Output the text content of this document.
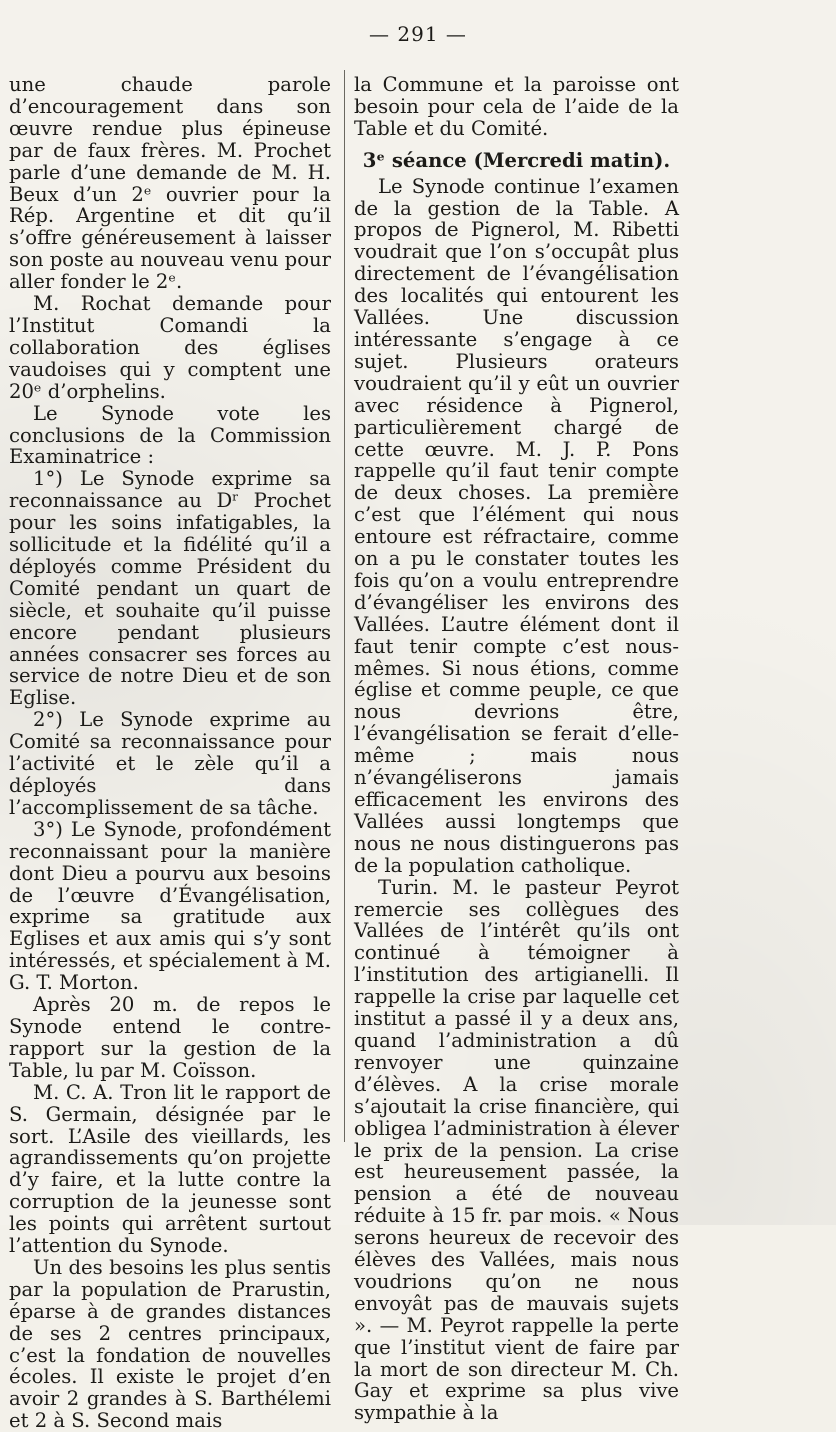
— 291 —

une chaude parole d’encouragement dans son œuvre rendue plus épineuse par de faux frères. M. Prochet parle d’une demande de M. H. Beux d’un 2ᵉ ouvrier pour la Rép. Argentine et dit qu’il s’offre généreusement à laisser son poste au nouveau venu pour aller fonder le 2ᵉ.

M. Rochat demande pour l’Institut Comandi la collaboration des églises vaudoises qui y comptent une 20ᵉ d’orphelins.

Le Synode vote les conclusions de la Commission Examinatrice :

1°) Le Synode exprime sa reconnaissance au Dʳ Prochet pour les soins infatigables, la sollicitude et la fidélité qu’il a déployés comme Président du Comité pendant un quart de siècle, et souhaite qu’il puisse encore pendant plusieurs années consacrer ses forces au service de notre Dieu et de son Eglise.

2°) Le Synode exprime au Comité sa reconnaissance pour l’activité et le zèle qu’il a déployés dans l’accomplissement de sa tâche.

3°) Le Synode, profondément reconnaissant pour la manière dont Dieu a pourvu aux besoins de l’œuvre d’Évangélisation, exprime sa gratitude aux Eglises et aux amis qui s’y sont intéressés, et spécialement à M. G. T. Morton.

Après 20 m. de repos le Synode entend le contre-rapport sur la gestion de la Table, lu par M. Coïsson.

M. C. A. Tron lit le rapport de S. Germain, désignée par le sort. L’Asile des vieillards, les agrandissements qu’on projette d’y faire, et la lutte contre la corruption de la jeunesse sont les points qui arrêtent surtout l’attention du Synode.

Un des besoins les plus sentis par la population de Prarustin, éparse à de grandes distances de ses 2 centres principaux, c’est la fondation de nouvelles écoles. Il existe le projet d’en avoir 2 grandes à S. Barthélemi et 2 à S. Second mais

la Commune et la paroisse ont besoin pour cela de l’aide de la Table et du Comité.

3ᵉ séance (Mercredi matin).

Le Synode continue l’examen de la gestion de la Table. A propos de Pignerol, M. Ribetti voudrait que l’on s’occupât plus directement de l’évangélisation des localités qui entourent les Vallées. Une discussion intéressante s’engage à ce sujet. Plusieurs orateurs voudraient qu’il y eût un ouvrier avec résidence à Pignerol, particulièrement chargé de cette œuvre. M. J. P. Pons rappelle qu’il faut tenir compte de deux choses. La première c’est que l’élément qui nous entoure est réfractaire, comme on a pu le constater toutes les fois qu’on a voulu entreprendre d’évangéliser les environs des Vallées. L’autre élément dont il faut tenir compte c’est nous-mêmes. Si nous étions, comme église et comme peuple, ce que nous devrions être, l’évangélisation se ferait d’elle-même ; mais nous n’évangéliserons jamais efficacement les environs des Vallées aussi longtemps que nous ne nous distinguerons pas de la population catholique.

Turin. M. le pasteur Peyrot remercie ses collègues des Vallées de l’intérêt qu’ils ont continué à témoigner à l’institution des artigianelli. Il rappelle la crise par laquelle cet institut a passé il y a deux ans, quand l’administration a dû renvoyer une quinzaine d’élèves. A la crise morale s’ajoutait la crise financière, qui obligea l’administration à élever le prix de la pension. La crise est heureusement passée, la pension a été de nouveau réduite à 15 fr. par mois. « Nous serons heureux de recevoir des élèves des Vallées, mais nous voudrions qu’on ne nous envoyât pas de mauvais sujets ». — M. Peyrot rappelle la perte que l’institut vient de faire par la mort de son directeur M. Ch. Gay et exprime sa plus vive sympathie à la
